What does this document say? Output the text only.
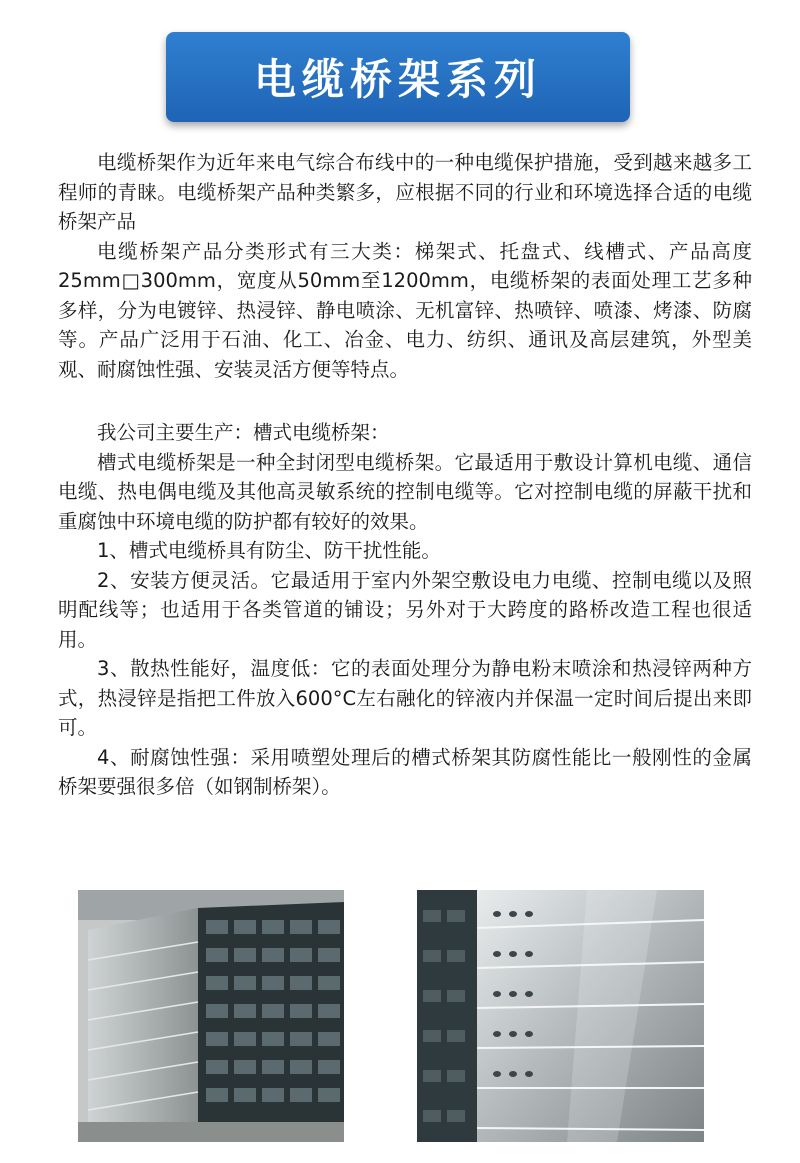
电缆桥架系列

电缆桥架作为近年来电气综合布线中的一种电缆保护措施，受到越来越多工程师的青睐。电缆桥架产品种类繁多，应根据不同的行业和环境选择合适的电缆桥架产品

电缆桥架产品分类形式有三大类：梯架式、托盘式、线槽式、产品高度25mm□300mm，宽度从50mm至1200mm，电缆桥架的表面处理工艺多种多样，分为电镀锌、热浸锌、静电喷涂、无机富锌、热喷锌、喷漆、烤漆、防腐等。产品广泛用于石油、化工、冶金、电力、纺织、通讯及高层建筑，外型美观、耐腐蚀性强、安装灵活方便等特点。

我公司主要生产：槽式电缆桥架：

槽式电缆桥架是一种全封闭型电缆桥架。它最适用于敷设计算机电缆、通信电缆、热电偶电缆及其他高灵敏系统的控制电缆等。它对控制电缆的屏蔽干扰和重腐蚀中环境电缆的防护都有较好的效果。

1、槽式电缆桥具有防尘、防干扰性能。

2、安装方便灵活。它最适用于室内外架空敷设电力电缆、控制电缆以及照明配线等；也适用于各类管道的铺设；另外对于大跨度的路桥改造工程也很适用。

3、散热性能好，温度低：它的表面处理分为静电粉末喷涂和热浸锌两种方式，热浸锌是指把工件放入600°C左右融化的锌液内并保温一定时间后提出来即可。

4、耐腐蚀性强：采用喷塑处理后的槽式桥架其防腐性能比一般刚性的金属桥架要强很多倍（如钢制桥架）。
